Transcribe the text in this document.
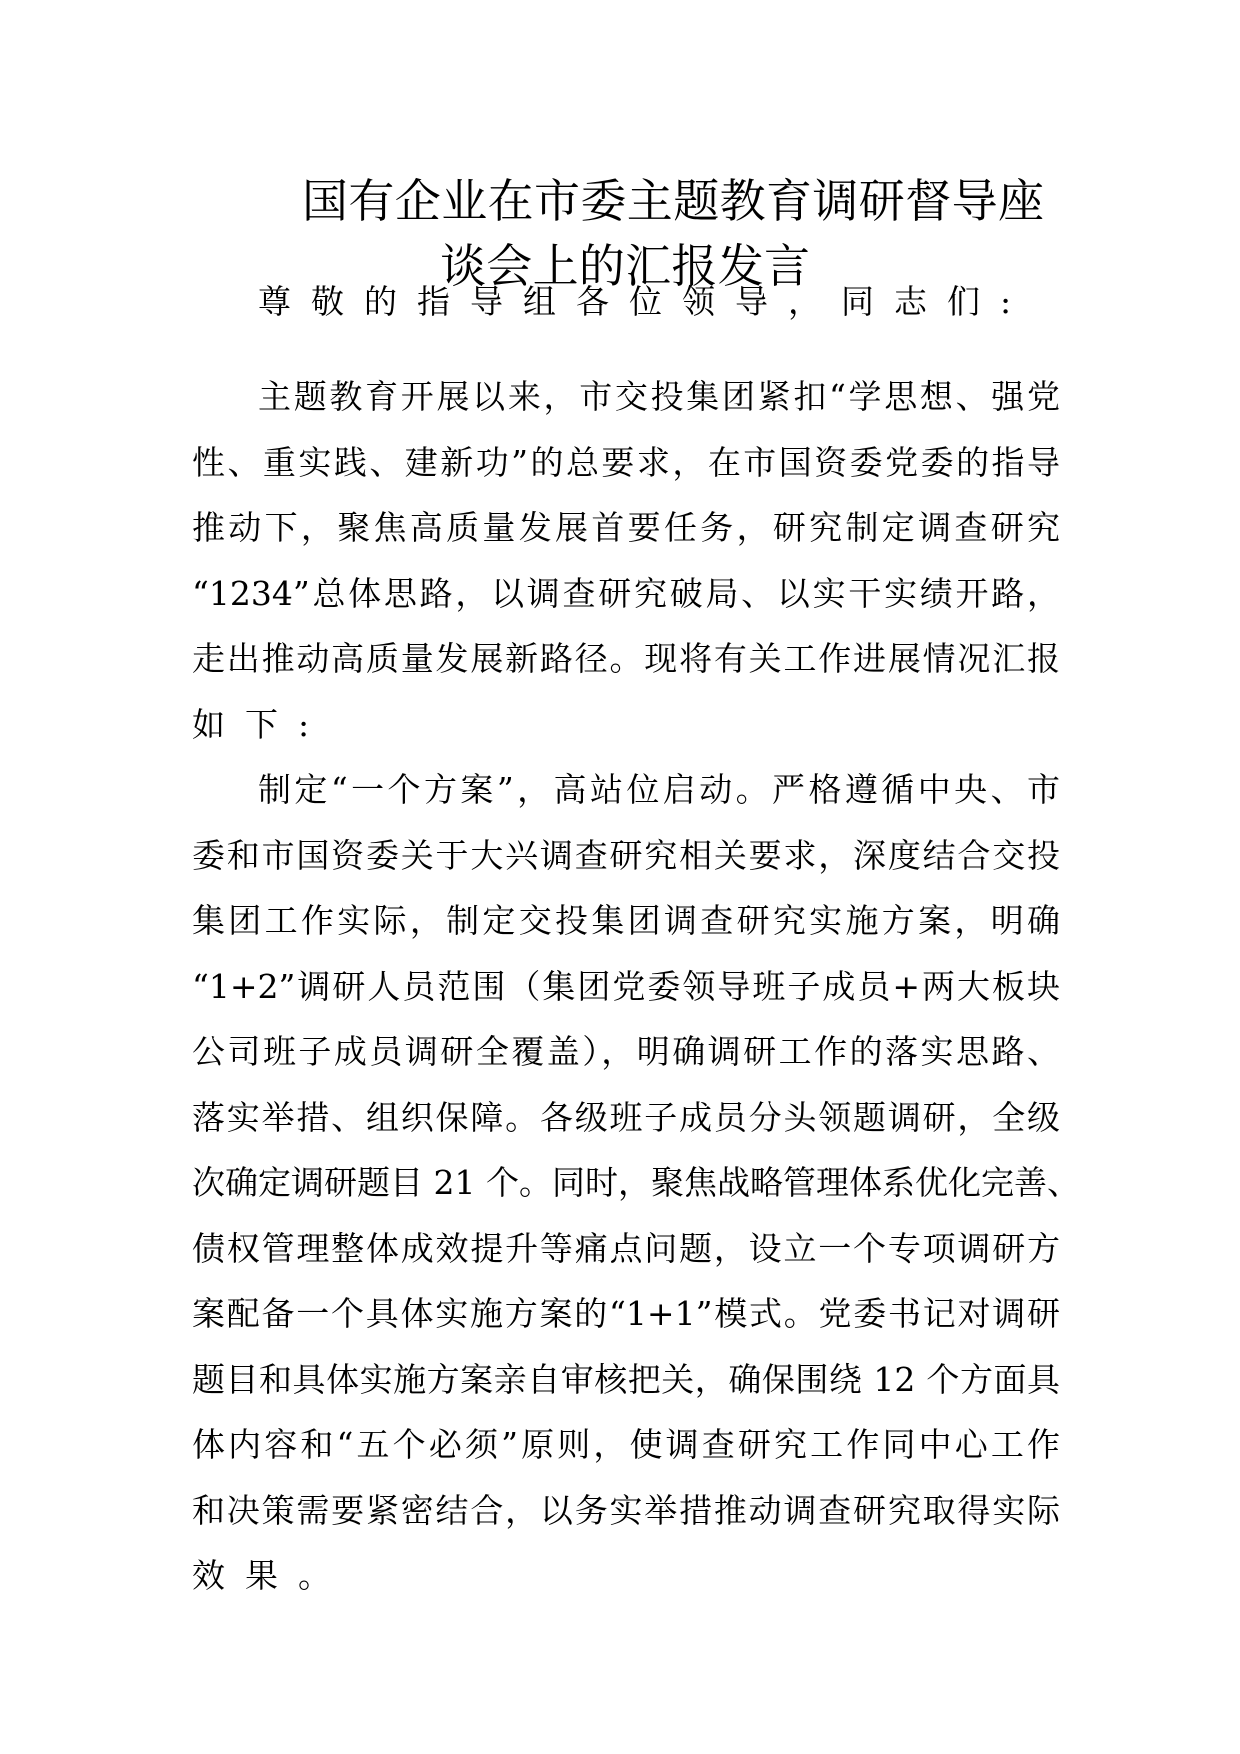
国有企业在市委主题教育调研督导座
谈会上的汇报发言
尊敬的指导组各位领导，同志们:
主题教育开展以来，市交投集团紧扣“学思想、强党
性、重实践、建新功”的总要求，在市国资委党委的指导
推动下，聚焦高质量发展首要任务，研究制定调查研究
“1234”总体思路，以调查研究破局、以实干实绩开路，
走出推动高质量发展新路径。现将有关工作进展情况汇报
如下:
制定“一个方案”，高站位启动。严格遵循中央、市
委和市国资委关于大兴调查研究相关要求，深度结合交投
集团工作实际，制定交投集团调查研究实施方案，明确
“1+2”调研人员范围（集团党委领导班子成员+两大板块
公司班子成员调研全覆盖），明确调研工作的落实思路、
落实举措、组织保障。各级班子成员分头领题调研，全级
次确定调研题目 21 个。同时，聚焦战略管理体系优化完善、
债权管理整体成效提升等痛点问题，设立一个专项调研方
案配备一个具体实施方案的“1+1”模式。党委书记对调研
题目和具体实施方案亲自审核把关，确保围绕 12 个方面具
体内容和“五个必须”原则，使调查研究工作同中心工作
和决策需要紧密结合，以务实举措推动调查研究取得实际
效果。
